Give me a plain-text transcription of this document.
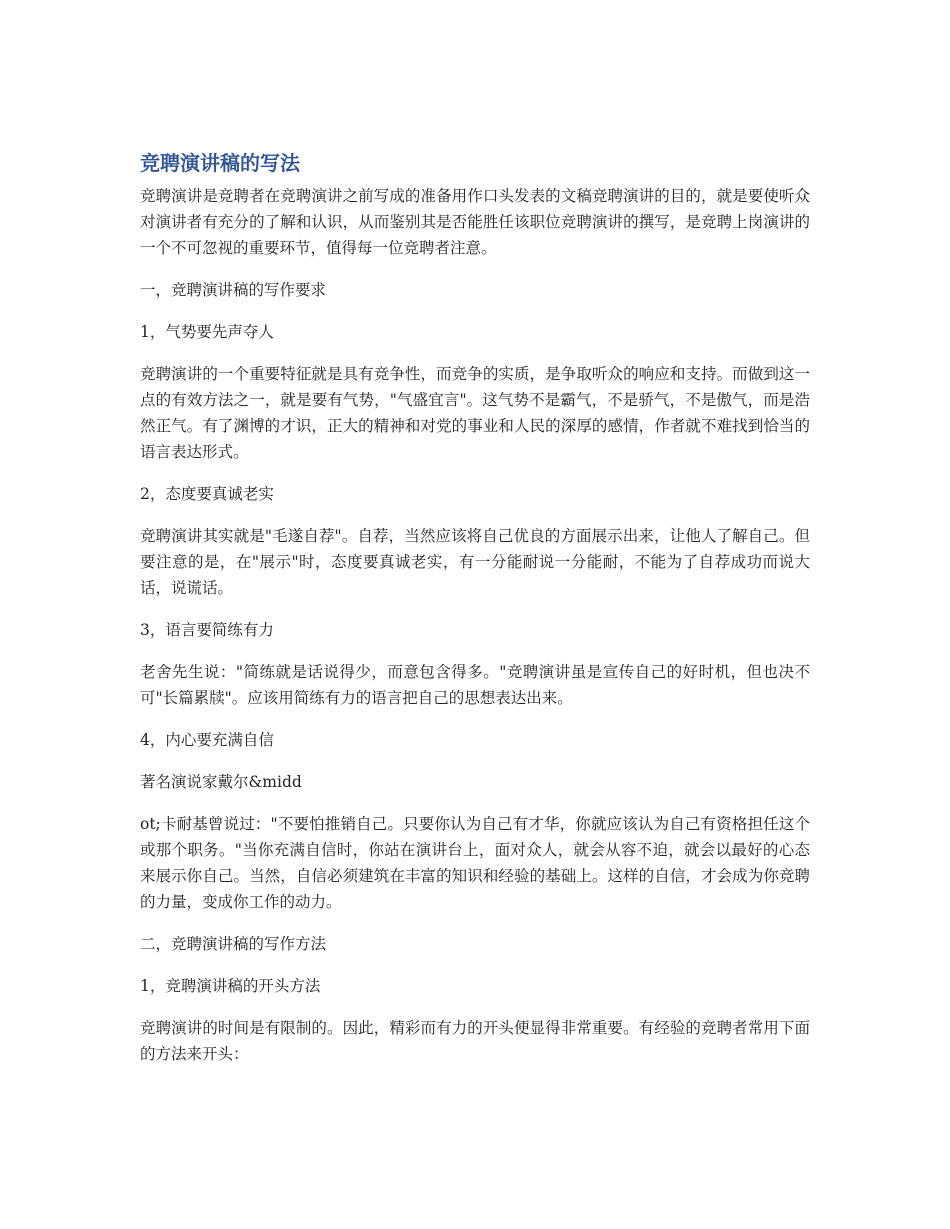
竞聘演讲稿的写法

竞聘演讲是竞聘者在竞聘演讲之前写成的准备用作口头发表的文稿竞聘演讲的目的，就是要使听众对演讲者有充分的了解和认识，从而鉴别其是否能胜任该职位竞聘演讲的撰写，是竞聘上岗演讲的一个不可忽视的重要环节，值得每一位竞聘者注意。

一，竞聘演讲稿的写作要求

1，气势要先声夺人

竞聘演讲的一个重要特征就是具有竞争性，而竞争的实质，是争取听众的响应和支持。而做到这一点的有效方法之一，就是要有气势，"气盛宜言"。这气势不是霸气，不是骄气，不是傲气，而是浩然正气。有了渊博的才识，正大的精神和对党的事业和人民的深厚的感情，作者就不难找到恰当的语言表达形式。

2，态度要真诚老实

竞聘演讲其实就是"毛遂自荐"。自荐，当然应该将自己优良的方面展示出来，让他人了解自己。但要注意的是，在"展示"时，态度要真诚老实，有一分能耐说一分能耐，不能为了自荐成功而说大话，说谎话。

3，语言要简练有力

老舍先生说："简练就是话说得少，而意包含得多。"竞聘演讲虽是宣传自己的好时机，但也决不可"长篇累牍"。应该用简练有力的语言把自己的思想表达出来。

4，内心要充满自信

著名演说家戴尔&midd

ot;卡耐基曾说过："不要怕推销自己。只要你认为自己有才华，你就应该认为自己有资格担任这个或那个职务。"当你充满自信时，你站在演讲台上，面对众人，就会从容不迫，就会以最好的心态来展示你自己。当然，自信必须建筑在丰富的知识和经验的基础上。这样的自信，才会成为你竞聘的力量，变成你工作的动力。

二，竞聘演讲稿的写作方法

1，竞聘演讲稿的开头方法

竞聘演讲的时间是有限制的。因此，精彩而有力的开头便显得非常重要。有经验的竞聘者常用下面的方法来开头：
